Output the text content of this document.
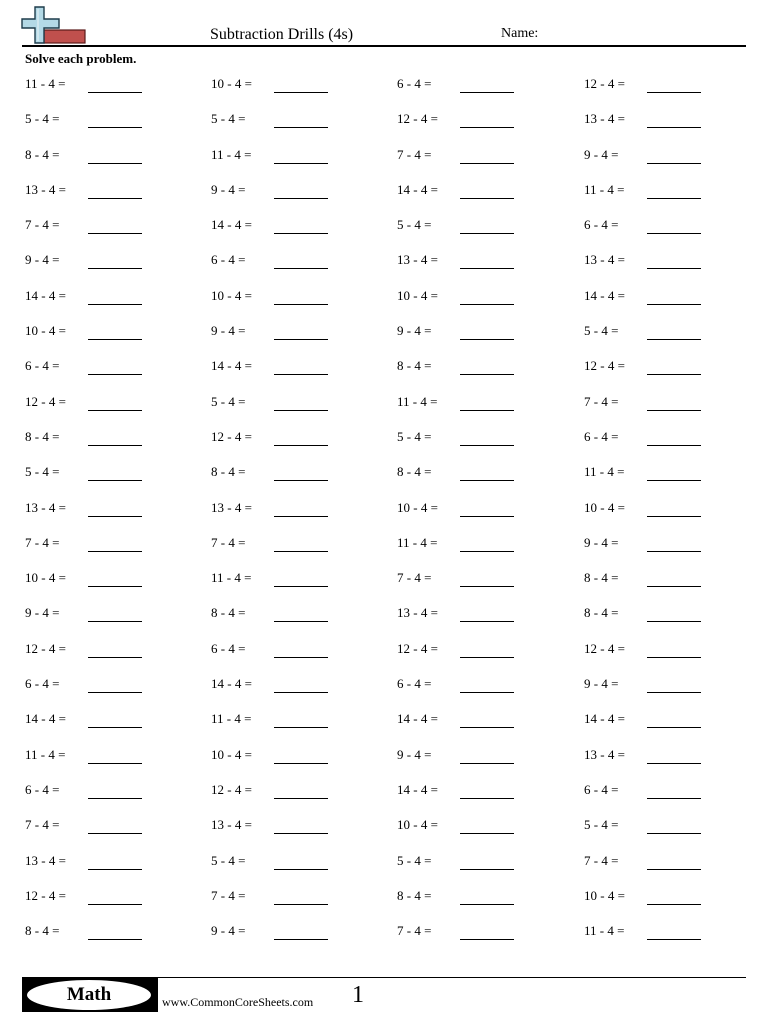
Subtraction Drills (4s)	Name:
Solve each problem.
11 - 4 =	10 - 4 =	6 - 4 =	12 - 4 =
5 - 4 =	5 - 4 =	12 - 4 =	13 - 4 =
8 - 4 =	11 - 4 =	7 - 4 =	9 - 4 =
13 - 4 =	9 - 4 =	14 - 4 =	11 - 4 =
7 - 4 =	14 - 4 =	5 - 4 =	6 - 4 =
9 - 4 =	6 - 4 =	13 - 4 =	13 - 4 =
14 - 4 =	10 - 4 =	10 - 4 =	14 - 4 =
10 - 4 =	9 - 4 =	9 - 4 =	5 - 4 =
6 - 4 =	14 - 4 =	8 - 4 =	12 - 4 =
12 - 4 =	5 - 4 =	11 - 4 =	7 - 4 =
8 - 4 =	12 - 4 =	5 - 4 =	6 - 4 =
5 - 4 =	8 - 4 =	8 - 4 =	11 - 4 =
13 - 4 =	13 - 4 =	10 - 4 =	10 - 4 =
7 - 4 =	7 - 4 =	11 - 4 =	9 - 4 =
10 - 4 =	11 - 4 =	7 - 4 =	8 - 4 =
9 - 4 =	8 - 4 =	13 - 4 =	8 - 4 =
12 - 4 =	6 - 4 =	12 - 4 =	12 - 4 =
6 - 4 =	14 - 4 =	6 - 4 =	9 - 4 =
14 - 4 =	11 - 4 =	14 - 4 =	14 - 4 =
11 - 4 =	10 - 4 =	9 - 4 =	13 - 4 =
6 - 4 =	12 - 4 =	14 - 4 =	6 - 4 =
7 - 4 =	13 - 4 =	10 - 4 =	5 - 4 =
13 - 4 =	5 - 4 =	5 - 4 =	7 - 4 =
12 - 4 =	7 - 4 =	8 - 4 =	10 - 4 =
8 - 4 =	9 - 4 =	7 - 4 =	11 - 4 =
Math	www.CommonCoreSheets.com 1
